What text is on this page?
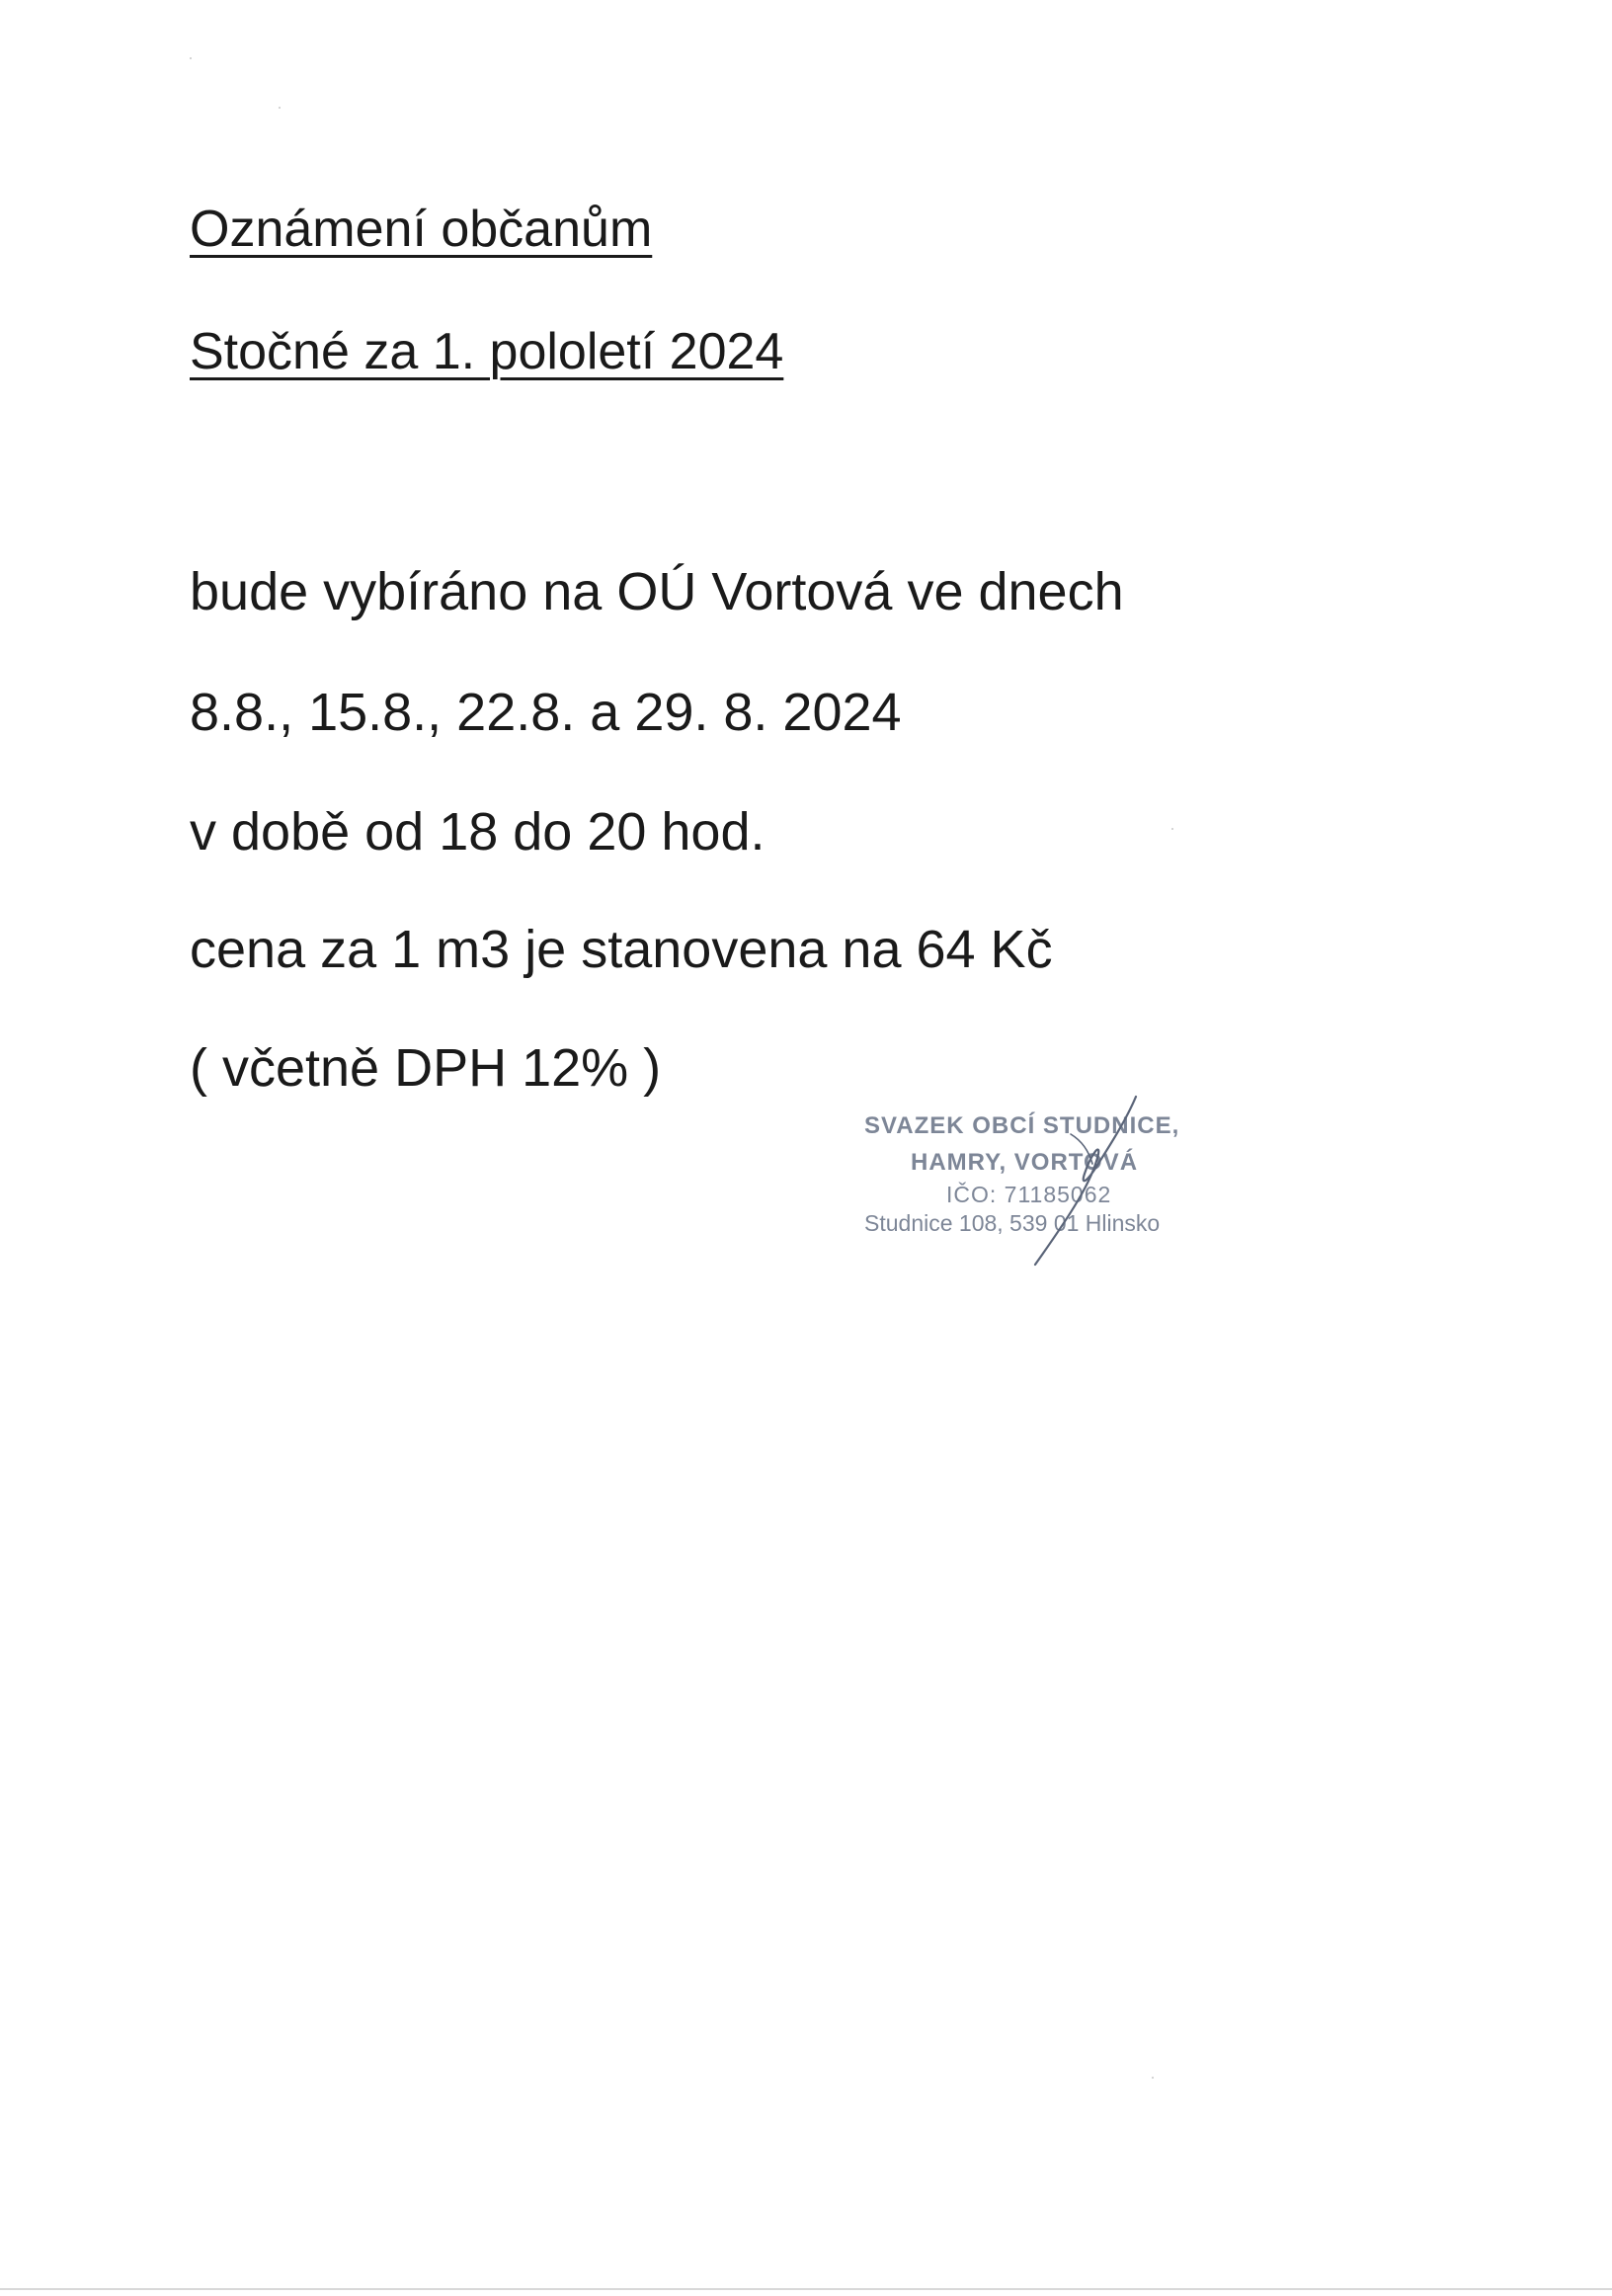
Oznámení občanům
Stočné za 1. pololetí 2024

bude vybíráno na OÚ Vortová ve dnech

8.8., 15.8., 22.8. a 29. 8. 2024

v době od 18 do 20 hod.

cena za 1 m3 je stanovena na 64 Kč

( včetně DPH 12% )

SVAZEK OBCÍ STUDNICE,
HAMRY, VORTOVÁ
IČO: 71185062
Studnice 108, 539 01 Hlinsko
